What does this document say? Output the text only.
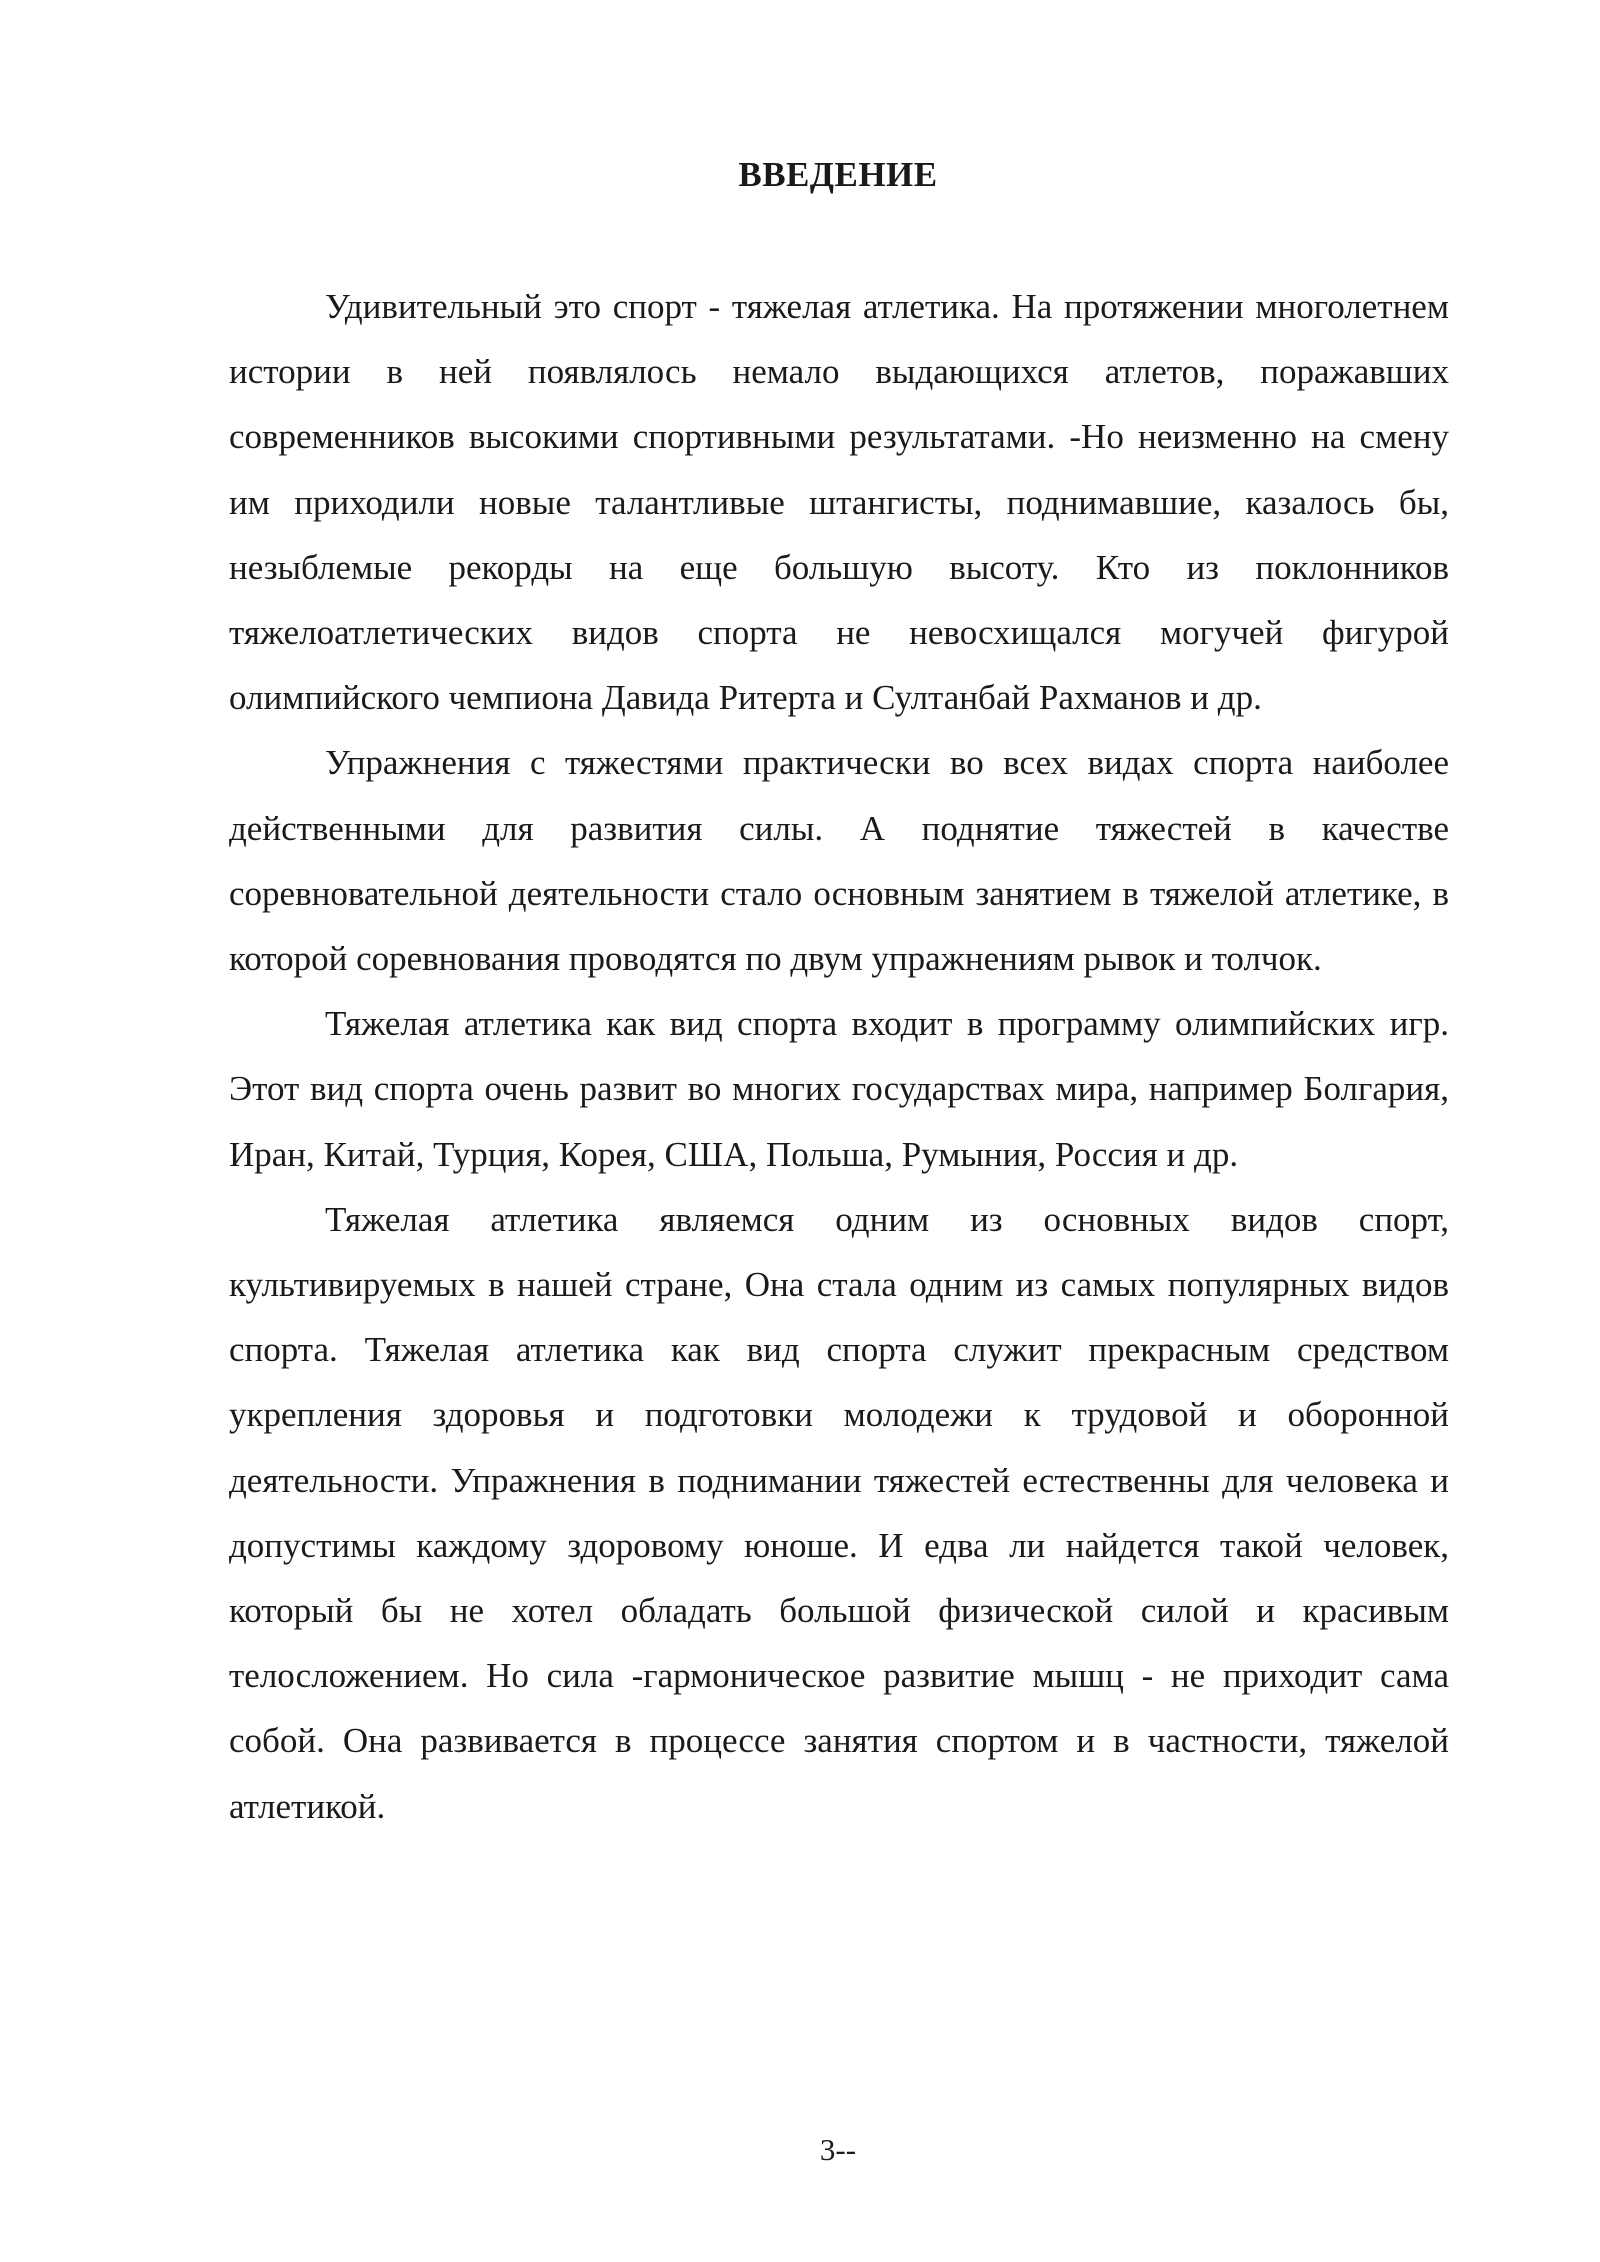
ВВЕДЕНИЕ

Удивительный это спорт - тяжелая атлетика. На протяжении многолетнем истории в ней появлялось немало выдающихся атлетов, поражавших современников высокими спортивными результатами. -Но неизменно на смену им приходили новые талантливые штангисты, поднимавшие, казалось бы, незыблемые рекорды на еще большую высоту. Кто из поклонников тяжелоатлетических видов спорта не невосхищался могучей фигурой олимпийского чемпиона Давида Ритерта и Султанбай Рахманов и др.

Упражнения с тяжестями практически во всех видах спорта наиболее действенными для развития силы. А поднятие тяжестей в качестве соревновательной деятельности стало основным занятием в тяжелой атлетике, в которой соревнования проводятся по двум упражнениям рывок и толчок.

Тяжелая атлетика как вид спорта входит в программу олимпийских игр. Этот вид спорта очень развит во многих государствах мира, например Болгария, Иран, Китай, Турция, Корея, США, Польша, Румыния, Россия и др.

Тяжелая атлетика являемся одним из основных видов спорт, культивируемых в нашей стране, Она стала одним из самых популярных видов спорта. Тяжелая атлетика как вид спорта служит прекрасным средством укрепления здоровья и подготовки молодежи к трудовой и оборонной деятельности. Упражнения в поднимании тяжестей естественны для человека и допустимы каждому здоровому юноше. И едва ли найдется такой человек, который бы не хотел обладать большой физической силой и красивым телосложением. Но сила -гармоническое развитие мышц - не приходит сама собой. Она развивается в процессе занятия спортом и в частности, тяжелой атлетикой.

3--
